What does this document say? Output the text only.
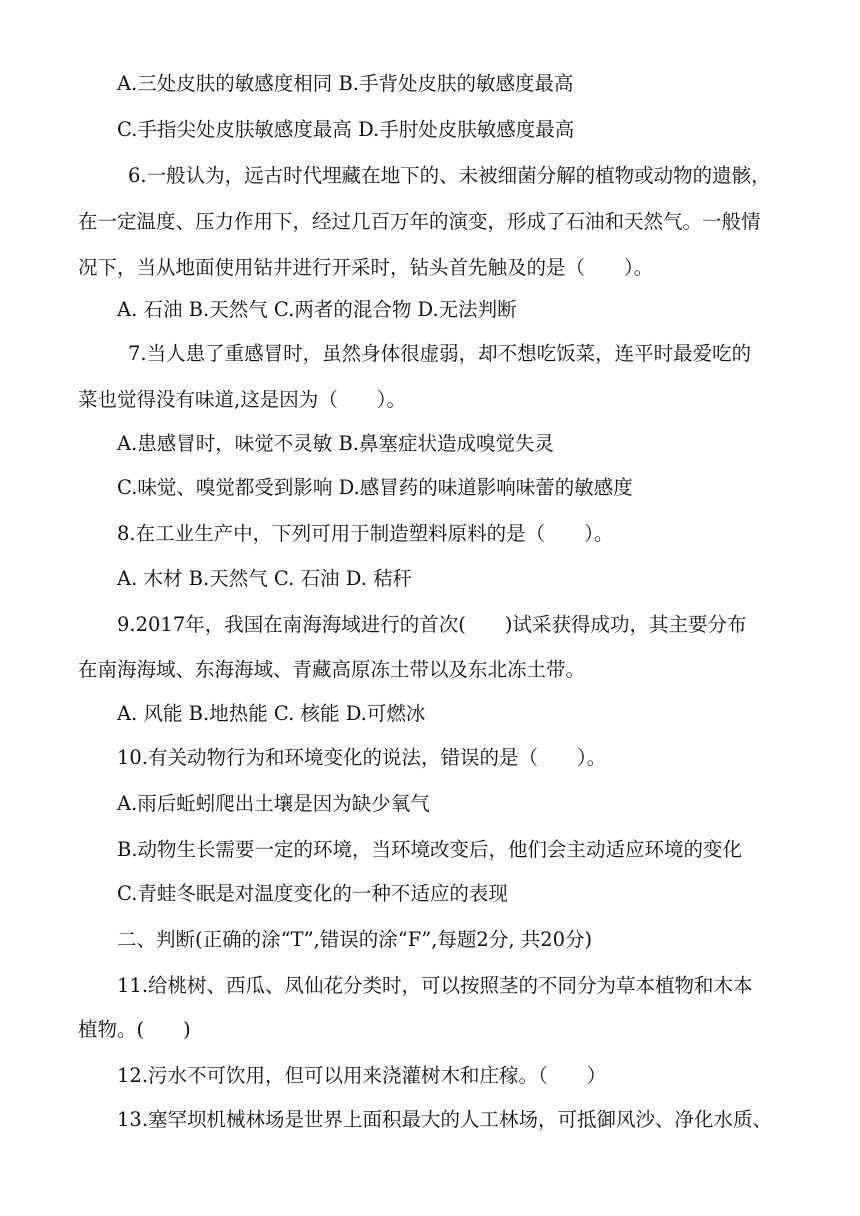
A.三处皮肤的敏感度相同 B.手背处皮肤的敏感度最高
C.手指尖处皮肤敏感度最高 D.手肘处皮肤敏感度最高
6.一般认为，远古时代埋藏在地下的、未被细菌分解的植物或动物的遗骸，
在一定温度、压力作用下，经过几百万年的演变，形成了石油和天然气。一般情
况下，当从地面使用钻井进行开采时，钻头首先触及的是（　　）。
A. 石油 B.天然气 C.两者的混合物 D.无法判断
7.当人患了重感冒时，虽然身体很虚弱，却不想吃饭菜，连平时最爱吃的
菜也觉得没有味道,这是因为（　　）。
A.患感冒时，味觉不灵敏 B.鼻塞症状造成嗅觉失灵
C.味觉、嗅觉都受到影响 D.感冒药的味道影响味蕾的敏感度
8.在工业生产中，下列可用于制造塑料原料的是（　　）。
A. 木材 B.天然气 C. 石油 D. 秸秆
9.2017年，我国在南海海域进行的首次(　　)试采获得成功，其主要分布
在南海海域、东海海域、青藏高原冻土带以及东北冻土带。
A. 风能 B.地热能 C. 核能 D.可燃冰
10.有关动物行为和环境变化的说法，错误的是（　　）。
A.雨后蚯蚓爬出土壤是因为缺少氧气
B.动物生长需要一定的环境，当环境改变后，他们会主动适应环境的变化
C.青蛙冬眠是对温度变化的一种不适应的表现
二、判断(正确的涂“T”,错误的涂“F”,每题2分, 共20分)
11.给桃树、西瓜、凤仙花分类时，可以按照茎的不同分为草本植物和木本
植物。(　　)
12.污水不可饮用，但可以用来浇灌树木和庄稼。（　　）
13.塞罕坝机械林场是世界上面积最大的人工林场，可抵御风沙、净化水质、
